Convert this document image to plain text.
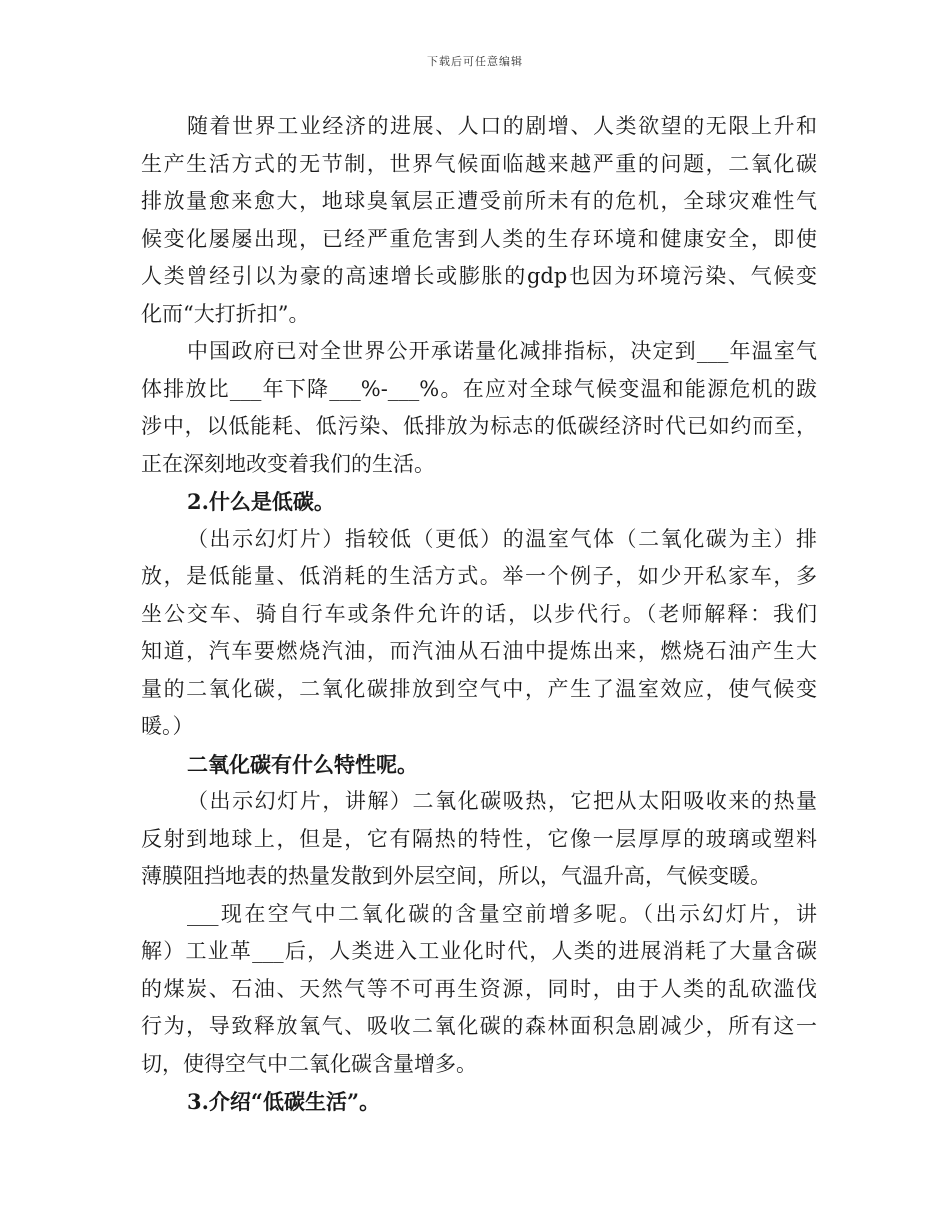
下载后可任意编辑
随着世界工业经济的进展、人口的剧增、人类欲望的无限上升和
生产生活方式的无节制，世界气候面临越来越严重的问题，二氧化碳
排放量愈来愈大，地球臭氧层正遭受前所未有的危机，全球灾难性气
候变化屡屡出现，已经严重危害到人类的生存环境和健康安全，即使
人类曾经引以为豪的高速增长或膨胀的gdp也因为环境污染、气候变
化而“大打折扣”。
中国政府已对全世界公开承诺量化减排指标，决定到___年温室气
体排放比___年下降___%-___%。在应对全球气候变温和能源危机的跋
涉中，以低能耗、低污染、低排放为标志的低碳经济时代已如约而至，
正在深刻地改变着我们的生活。
2.什么是低碳。
（出示幻灯片）指较低（更低）的温室气体（二氧化碳为主）排
放，是低能量、低消耗的生活方式。举一个例子，如少开私家车，多
坐公交车、骑自行车或条件允许的话，以步代行。（老师解释：我们
知道，汽车要燃烧汽油，而汽油从石油中提炼出来，燃烧石油产生大
量的二氧化碳，二氧化碳排放到空气中，产生了温室效应，使气候变
暖。）
二氧化碳有什么特性呢。
（出示幻灯片，讲解）二氧化碳吸热，它把从太阳吸收来的热量
反射到地球上，但是，它有隔热的特性，它像一层厚厚的玻璃或塑料
薄膜阻挡地表的热量发散到外层空间，所以，气温升高，气候变暖。
___现在空气中二氧化碳的含量空前增多呢。（出示幻灯片，讲
解）工业革___后，人类进入工业化时代，人类的进展消耗了大量含碳
的煤炭、石油、天然气等不可再生资源，同时，由于人类的乱砍滥伐
行为，导致释放氧气、吸收二氧化碳的森林面积急剧减少，所有这一
切，使得空气中二氧化碳含量增多。
3.介绍“低碳生活”。
